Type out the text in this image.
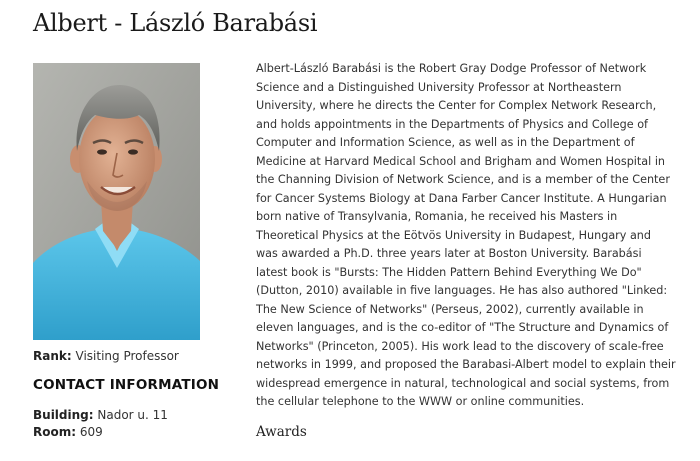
Albert - László Barabási
Rank: Visiting Professor
CONTACT INFORMATION
Building: Nador u. 11
Room: 609

Albert-László Barabási is the Robert Gray Dodge Professor of Network Science and a Distinguished University Professor at Northeastern University, where he directs the Center for Complex Network Research, and holds appointments in the Departments of Physics and College of Computer and Information Science, as well as in the Department of Medicine at Harvard Medical School and Brigham and Women Hospital in the Channing Division of Network Science, and is a member of the Center for Cancer Systems Biology at Dana Farber Cancer Institute. A Hungarian born native of Transylvania, Romania, he received his Masters in Theoretical Physics at the Eötvös University in Budapest, Hungary and was awarded a Ph.D. three years later at Boston University. Barabási latest book is "Bursts: The Hidden Pattern Behind Everything We Do" (Dutton, 2010) available in five languages. He has also authored "Linked: The New Science of Networks" (Perseus, 2002), currently available in eleven languages, and is the co-editor of "The Structure and Dynamics of Networks" (Princeton, 2005). His work lead to the discovery of scale-free networks in 1999, and proposed the Barabasi-Albert model to explain their widespread emergence in natural, technological and social systems, from the cellular telephone to the WWW or online communities.

Awards
